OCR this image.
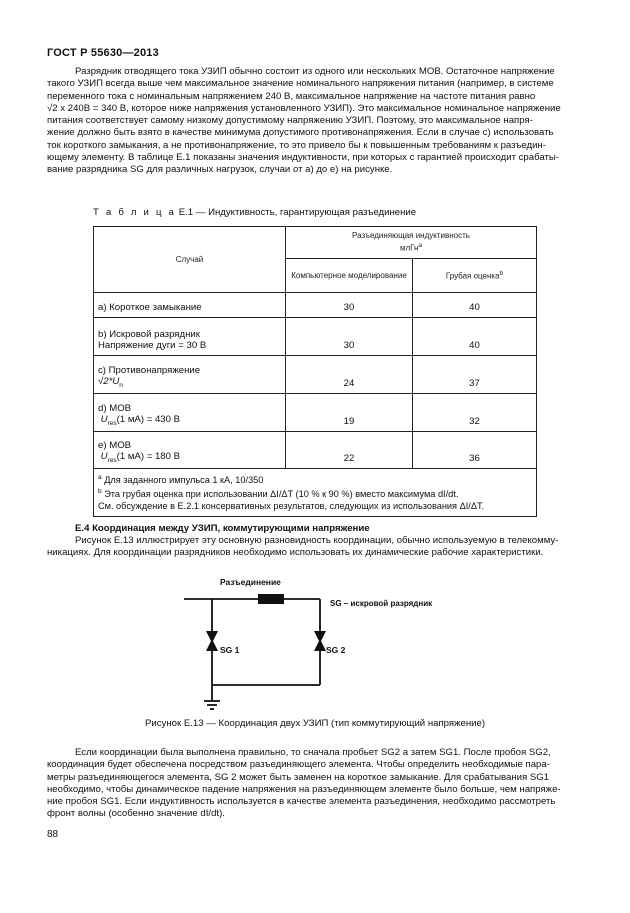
ГОСТ Р 55630—2013
Разрядник отводящего тока УЗИП обычно состоит из одного или нескольких МОВ. Остаточное напряжение
такого УЗИП всегда выше чем максимальное значение номинального напряжения питания (например, в системе
переменного тока с номинальным напряжением 240 В, максимальное напряжение на частоте питания равно
√2 x 240В = 340 В, которое ниже напряжения установленного УЗИП). Это максимальное номинальное напряжение
питания соответствует самому низкому допустимому напряжению УЗИП. Поэтому, это максимальное напря-
жение должно быть взято в качестве минимума допустимого противонапряжения. Если в случае с) использовать
ток короткого замыкания, а не противонапряжение, то это привело бы к повышенным требованиям к разъедин-
ющему элементу. В таблице Е.1 показаны значения индуктивности, при которых с гарантией происходит срабаты-
вание разрядника SG для различных нагрузок, случаи от а) до е) на рисунке.
Т а б л и ц а Е.1 — Индуктивность, гарантирующая разъединение
Случай	Разъединяющая индуктивность
млГн$^a$
	Компьютерное моделирование	Грубая оценка$^b$
a) Короткое замыкание	30	40
b) Искровой разрядник
Напряжение дуги = 30 В	30	40
c) Противонапряжение
$√2*U_n$	24	37
d) МОВ
$U_{res}(1$ мА) = 430 В	19	32
e) МОВ
$U_{res}(1$ мА) = 180 В	22	36

$^a$ Для заданного импульса 1 кА, 10/350
$^b$ Эта грубая оценка при использовании ΔI/ΔT (10 % к 90 %) вместо максимума dI/dt.
См. обсуждение в Е.2.1 консервативных результатов, следующих из использования ΔI/ΔT.		
Е.4 Координация между УЗИП, коммутирующими напряжение
Рисунок Е.13 иллюстрирует эту основную разновидность координации, обычно используемую в телекомму-
никациях. Для координации разрядников необходимо использовать их динамические рабочие характеристики.
Разъединение
SG – искровой разрядник
SG 1	SG 2
Рисунок Е.13 — Координация двух УЗИП (тип коммутирующий напряжение)
Если координации была выполнена правильно, то сначала пробьет SG2 а затем SG1. После пробоя SG2,
координация будет обеспечена посредством разъединяющего элемента. Чтобы определить необходимые пара-
метры разъединяющегося элемента, SG 2 может быть заменен на короткое замыкание. Для срабатывания SG1
необходимо, чтобы динамическое падение напряжения на разъединяющем элементе было больше, чем напряже-
ние пробоя SG1. Если индуктивность используется в качестве элемента разъединения, необходимо рассмотреть
фронт волны (особенно значение dI/dt).
88
